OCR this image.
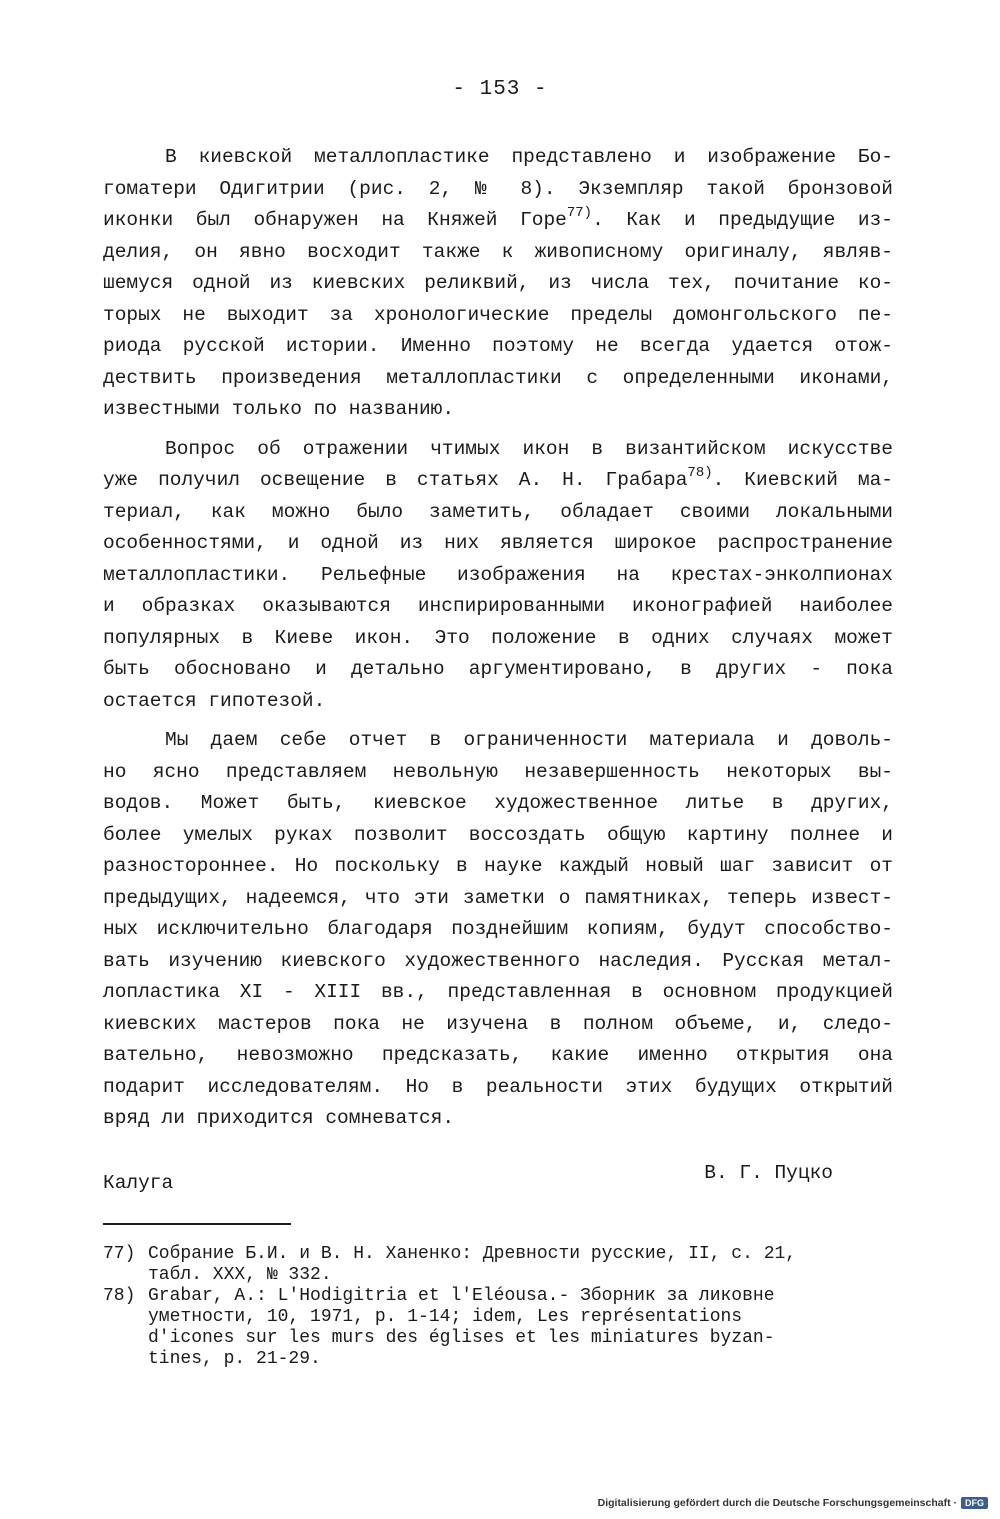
- 153 -
В киевской металлопластике представлено и изображение Бо-
гоматери Одигитрии (рис. 2, № 8). Экземпляр такой бронзовой
иконки был обнаружен на Княжей Горе$^{77)}$. Как и предыдущие из-
делия, он явно восходит также к живописному оригиналу, являв-
шемуся одной из киевских реликвий, из числа тех, почитание ко-
торых не выходит за хронологические пределы домонгольского пе-
риода русской истории. Именно поэтому не всегда удается отож-
дествить произведения металлопластики с определенными иконами,
известными только по названию.
Вопрос об отражении чтимых икон в византийском искусстве
уже получил освещение в статьях А. Н. Грабара$^{78)}$. Киевский ма-
териал, как можно было заметить, обладает своими локальными
особенностями, и одной из них является широкое распространение
металлопластики. Рельефные изображения на крестах-энколпионах
и образках оказываются инспирированными иконографией наиболее
популярных в Киеве икон. Это положение в одних случаях может
быть обосновано и детально аргументировано, в других - пока
остается гипотезой.
Мы даем себе отчет в ограниченности материала и доволь-
но ясно представляем невольную незавершенность некоторых вы-
водов. Может быть, киевское художественное литье в других,
более умелых руках позволит воссоздать общую картину полнее и
разностороннее. Но поскольку в науке каждый новый шаг зависит от
предыдущих, надеемся, что эти заметки о памятниках, теперь извест-
ных исключительно благодаря позднейшим копиям, будут способство-
вать изучению киевского художественного наследия. Русская метал-
лопластика XI - XIII вв., представленная в основном продукцией
киевских мастеров пока не изучена в полном объеме, и, следо-
вательно, невозможно предсказать, какие именно открытия она
подарит исследователям. Но в реальности этих будущих открытий
вряд ли приходится сомневатся.
Калуга	В. Г. Пуцко
77) Собрание Б.И. и В. Н. Ханенко: Древности русские, II, с. 21,
табл. XXX, № 332.
78) Grabar, A.: L'Hodigitria et l'Eléousa.- Зборник за ликовне
уметности, 10, 1971, p. 1-14; idem, Les représentations
d'icones sur les murs des églises et les miniatures byzan-
tines, p. 21-29.
Digitalisierung gefördert durch die Deutsche Forschungsgemeinschaft · DFG
